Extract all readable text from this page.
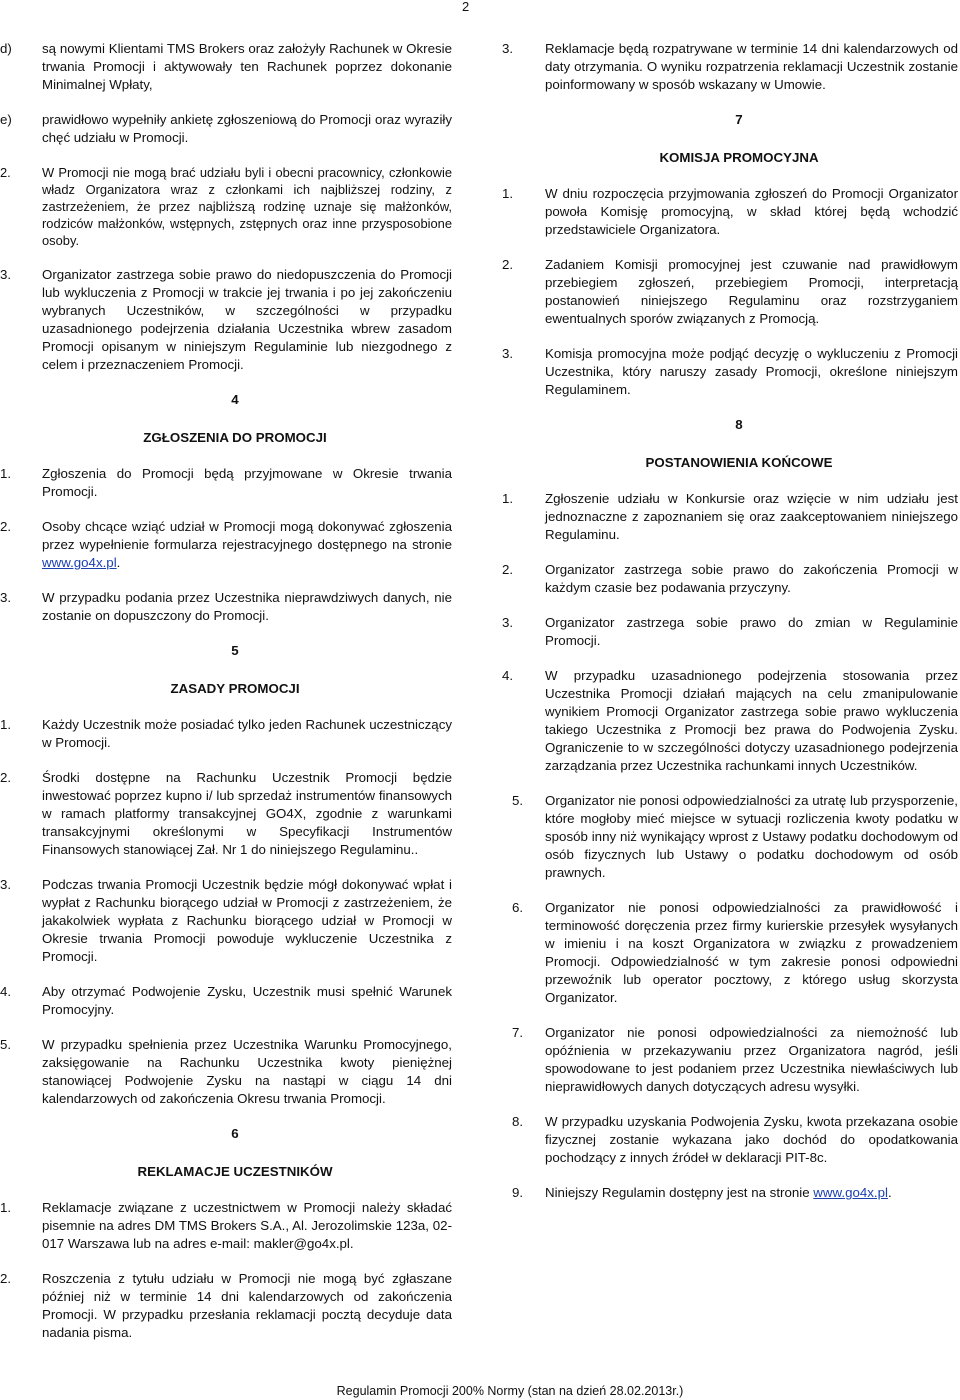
2
d) są nowymi Klientami TMS Brokers oraz założyły Rachunek w Okresie trwania Promocji i aktywowały ten Rachunek poprzez dokonanie Minimalnej Wpłaty,
e) prawidłowo wypełniły ankietę zgłoszeniową do Promocji oraz wyraziły chęć udziału w Promocji.
2. W Promocji nie mogą brać udziału byli i obecni pracownicy, członkowie władz Organizatora wraz z członkami ich najbliższej rodziny, z zastrzeżeniem, że przez najbliższą rodzinę uznaje się małżonków, rodziców małżonków, wstępnych, zstępnych oraz inne przysposobione osoby.
3. Organizator zastrzega sobie prawo do niedopuszczenia do Promocji lub wykluczenia z Promocji w trakcie jej trwania i po jej zakończeniu wybranych Uczestników, w szczególności w przypadku uzasadnionego podejrzenia działania Uczestnika wbrew zasadom Promocji opisanym w niniejszym Regulaminie lub niezgodnego z celem i przeznaczeniem Promocji.
4
ZGŁOSZENIA DO PROMOCJI
1. Zgłoszenia do Promocji będą przyjmowane w Okresie trwania Promocji.
2. Osoby chcące wziąć udział w Promocji mogą dokonywać zgłoszenia przez wypełnienie formularza rejestracyjnego dostępnego na stronie www.go4x.pl.
3. W przypadku podania przez Uczestnika nieprawdziwych danych, nie zostanie on dopuszczony do Promocji.
5
ZASADY PROMOCJI
1. Każdy Uczestnik może posiadać tylko jeden Rachunek uczestniczący w Promocji.
2. Środki dostępne na Rachunku Uczestnik Promocji będzie inwestować poprzez kupno i/ lub sprzedaż instrumentów finansowych w ramach platformy transakcyjnej GO4X, zgodnie z warunkami transakcyjnymi określonymi w Specyfikacji Instrumentów Finansowych stanowiącej Zał. Nr 1 do niniejszego Regulaminu..
3. Podczas trwania Promocji Uczestnik będzie mógł dokonywać wpłat i wypłat z Rachunku biorącego udział w Promocji z zastrzeżeniem, że jakakolwiek wypłata z Rachunku biorącego udział w Promocji w Okresie trwania Promocji powoduje wykluczenie Uczestnika z Promocji.
4. Aby otrzymać Podwojenie Zysku, Uczestnik musi spełnić Warunek Promocyjny.
5. W przypadku spełnienia przez Uczestnika Warunku Promocyjnego, zaksięgowanie na Rachunku Uczestnika kwoty pieniężnej stanowiącej Podwojenie Zysku na nastąpi w ciągu 14 dni kalendarzowych od zakończenia Okresu trwania Promocji.
6
REKLAMACJE UCZESTNIKÓW
1. Reklamacje związane z uczestnictwem w Promocji należy składać pisemnie na adres DM TMS Brokers S.A., Al. Jerozolimskie 123a, 02-017 Warszawa lub na adres e-mail: makler@go4x.pl.
2. Roszczenia z tytułu udziału w Promocji nie mogą być zgłaszane później niż w terminie 14 dni kalendarzowych od zakończenia Promocji. W przypadku przesłania reklamacji pocztą decyduje data nadania pisma.
3. Reklamacje będą rozpatrywane w terminie 14 dni kalendarzowych od daty otrzymania. O wyniku rozpatrzenia reklamacji Uczestnik zostanie poinformowany w sposób wskazany w Umowie.
7
KOMISJA PROMOCYJNA
1. W dniu rozpoczęcia przyjmowania zgłoszeń do Promocji Organizator powoła Komisję promocyjną, w skład której będą wchodzić przedstawiciele Organizatora.
2. Zadaniem Komisji promocyjnej jest czuwanie nad prawidłowym przebiegiem zgłoszeń, przebiegiem Promocji, interpretacją postanowień niniejszego Regulaminu oraz rozstrzyganiem ewentualnych sporów związanych z Promocją.
3. Komisja promocyjna może podjąć decyzję o wykluczeniu z Promocji Uczestnika, który naruszy zasady Promocji, określone niniejszym Regulaminem.
8
POSTANOWIENIA KOŃCOWE
1. Zgłoszenie udziału w Konkursie oraz wzięcie w nim udziału jest jednoznaczne z zapoznaniem się oraz zaakceptowaniem niniejszego Regulaminu.
2. Organizator zastrzega sobie prawo do zakończenia Promocji w każdym czasie bez podawania przyczyny.
3. Organizator zastrzega sobie prawo do zmian w Regulaminie Promocji.
4. W przypadku uzasadnionego podejrzenia stosowania przez Uczestnika Promocji działań mających na celu zmanipulowanie wynikiem Promocji Organizator zastrzega sobie prawo wykluczenia takiego Uczestnika z Promocji bez prawa do Podwojenia Zysku. Ograniczenie to w szczególności dotyczy uzasadnionego podejrzenia zarządzania przez Uczestnika rachunkami innych Uczestników.
5. Organizator nie ponosi odpowiedzialności za utratę lub przysporzenie, które mogłoby mieć miejsce w sytuacji rozliczenia kwoty podatku w sposób inny niż wynikający wprost z Ustawy podatku dochodowym od osób fizycznych lub Ustawy o podatku dochodowym od osób prawnych.
6. Organizator nie ponosi odpowiedzialności za prawidłowość i terminowość doręczenia przez firmy kurierskie przesyłek wysyłanych w imieniu i na koszt Organizatora w związku z prowadzeniem Promocji. Odpowiedzialność w tym zakresie ponosi odpowiedni przewoźnik lub operator pocztowy, z którego usług skorzysta Organizator.
7. Organizator nie ponosi odpowiedzialności za niemożność lub opóźnienia w przekazywaniu przez Organizatora nagród, jeśli spowodowane to jest podaniem przez Uczestnika niewłaściwych lub nieprawidłowych danych dotyczących adresu wysyłki.
8. W przypadku uzyskania Podwojenia Zysku, kwota przekazana osobie fizycznej zostanie wykazana jako dochód do opodatkowania pochodzący z innych źródeł w deklaracji PIT-8c.
9. Niniejszy Regulamin dostępny jest na stronie www.go4x.pl.
Regulamin Promocji 200% Normy (stan na dzień 28.02.2013r.)
